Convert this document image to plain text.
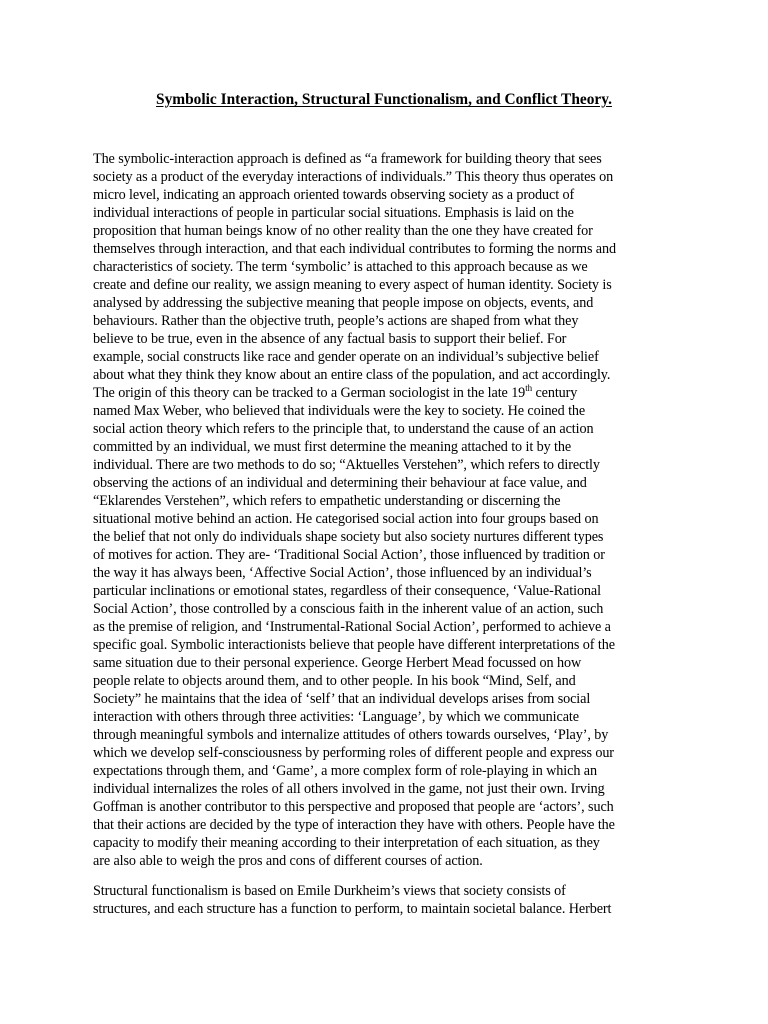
Symbolic Interaction, Structural Functionalism, and Conflict Theory.
The symbolic-interaction approach is defined as “a framework for building theory that sees
society as a product of the everyday interactions of individuals.” This theory thus operates on
micro level, indicating an approach oriented towards observing society as a product of
individual interactions of people in particular social situations. Emphasis is laid on the
proposition that human beings know of no other reality than the one they have created for
themselves through interaction, and that each individual contributes to forming the norms and
characteristics of society. The term ‘symbolic’ is attached to this approach because as we
create and define our reality, we assign meaning to every aspect of human identity. Society is
analysed by addressing the subjective meaning that people impose on objects, events, and
behaviours. Rather than the objective truth, people’s actions are shaped from what they
believe to be true, even in the absence of any factual basis to support their belief. For
example, social constructs like race and gender operate on an individual’s subjective belief
about what they think they know about an entire class of the population, and act accordingly.
The origin of this theory can be tracked to a German sociologist in the late 19th century
named Max Weber, who believed that individuals were the key to society. He coined the
social action theory which refers to the principle that, to understand the cause of an action
committed by an individual, we must first determine the meaning attached to it by the
individual. There are two methods to do so; “Aktuelles Verstehen”, which refers to directly
observing the actions of an individual and determining their behaviour at face value, and
“Eklarendes Verstehen”, which refers to empathetic understanding or discerning the
situational motive behind an action. He categorised social action into four groups based on
the belief that not only do individuals shape society but also society nurtures different types
of motives for action. They are- ‘Traditional Social Action’, those influenced by tradition or
the way it has always been, ‘Affective Social Action’, those influenced by an individual’s
particular inclinations or emotional states, regardless of their consequence, ‘Value-Rational
Social Action’, those controlled by a conscious faith in the inherent value of an action, such
as the premise of religion, and ‘Instrumental-Rational Social Action’, performed to achieve a
specific goal. Symbolic interactionists believe that people have different interpretations of the
same situation due to their personal experience. George Herbert Mead focussed on how
people relate to objects around them, and to other people. In his book “Mind, Self, and
Society” he maintains that the idea of ‘self’ that an individual develops arises from social
interaction with others through three activities: ‘Language’, by which we communicate
through meaningful symbols and internalize attitudes of others towards ourselves, ‘Play’, by
which we develop self-consciousness by performing roles of different people and express our
expectations through them, and ‘Game’, a more complex form of role-playing in which an
individual internalizes the roles of all others involved in the game, not just their own. Irving
Goffman is another contributor to this perspective and proposed that people are ‘actors’, such
that their actions are decided by the type of interaction they have with others. People have the
capacity to modify their meaning according to their interpretation of each situation, as they
are also able to weigh the pros and cons of different courses of action.
Structural functionalism is based on Emile Durkheim’s views that society consists of
structures, and each structure has a function to perform, to maintain societal balance. Herbert
